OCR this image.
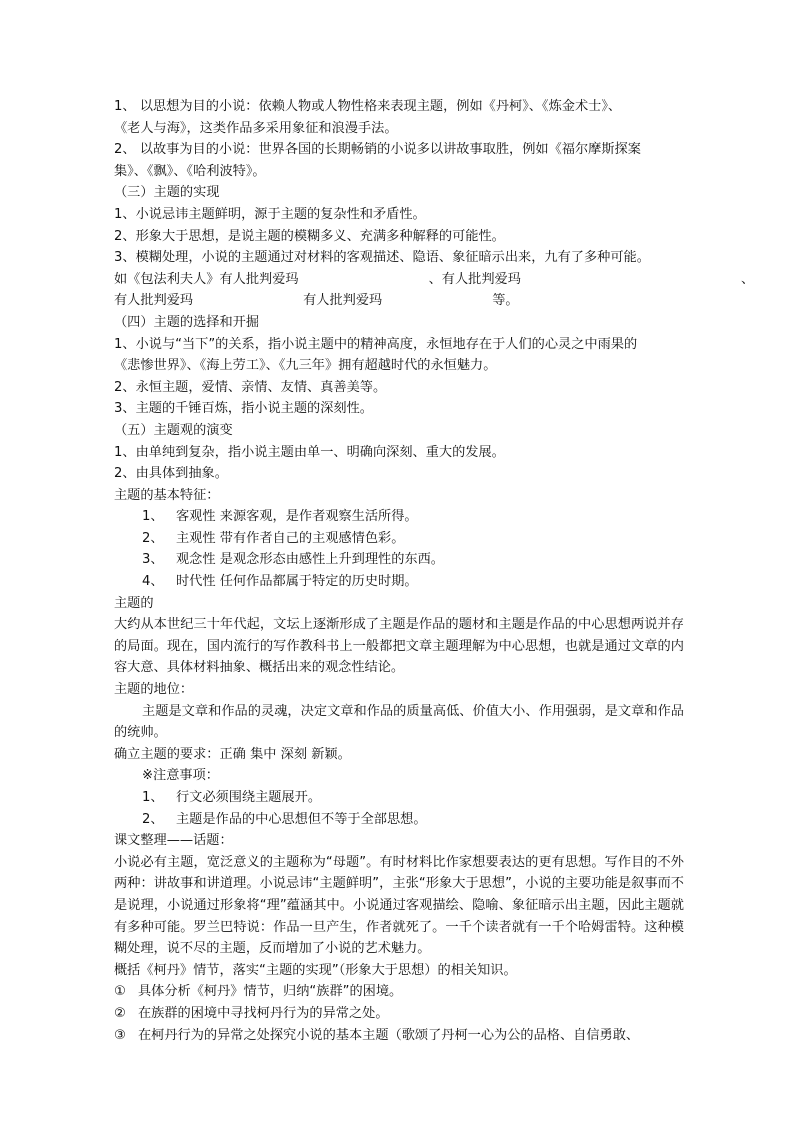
1、 以思想为目的小说：依赖人物或人物性格来表现主题，例如《丹柯》、《炼金术士》、
《老人与海》，这类作品多采用象征和浪漫手法。
2、 以故事为目的小说：世界各国的长期畅销的小说多以讲故事取胜，例如《福尔摩斯探案
集》、《飘》、《哈利波特》。
（三）主题的实现
1、小说忌讳主题鲜明，源于主题的复杂性和矛盾性。
2、形象大于思想，是说主题的模糊多义、充满多种解释的可能性。
3、模糊处理，小说的主题通过对材料的客观描述、隐语、象征暗示出来，九有了多种可能。
如《包法利夫人》有人批判爱玛	、有人批判爱玛	、
有人批判爱玛	有人批判爱玛	等。
（四）主题的选择和开掘
1、小说与“当下”的关系，指小说主题中的精神高度，永恒地存在于人们的心灵之中雨果的
《悲惨世界》、《海上劳工》、《九三年》拥有超越时代的永恒魅力。
2、永恒主题，爱情、亲情、友情、真善美等。
3、主题的千锤百炼，指小说主题的深刻性。
（五）主题观的演变
1、由单纯到复杂，指小说主题由单一、明确向深刻、重大的发展。
2、由具体到抽象。
主题的基本特征：
1、 客观性 来源客观，是作者观察生活所得。
2、 主观性 带有作者自己的主观感情色彩。
3、 观念性 是观念形态由感性上升到理性的东西。
4、 时代性 任何作品都属于特定的历史时期。
主题的
大约从本世纪三十年代起，文坛上逐渐形成了主题是作品的题材和主题是作品的中心思想两说并存的局面。现在，国内流行的写作教科书上一般都把文章主题理解为中心思想，也就是通过文章的内容大意、具体材料抽象、概括出来的观念性结论。
主题的地位：
主题是文章和作品的灵魂，决定文章和作品的质量高低、价值大小、作用强弱，是文章和作品的统帅。
确立主题的要求：正确 集中 深刻 新颖。
※注意事项：
1、 行文必须围绕主题展开。
2、 主题是作品的中心思想但不等于全部思想。
课文整理——话题：
小说必有主题，宽泛意义的主题称为“母题”。有时材料比作家想要表达的更有思想。写作目的不外两种：讲故事和讲道理。小说忌讳“主题鲜明”，主张“形象大于思想”，小说的主要功能是叙事而不是说理，小说通过形象将“理”蕴涵其中。小说通过客观描绘、隐喻、象征暗示出主题，因此主题就有多种可能。罗兰巴特说：作品一旦产生，作者就死了。一千个读者就有一千个哈姆雷特。这种模糊处理，说不尽的主题，反而增加了小说的艺术魅力。
概括《柯丹》情节，落实“主题的实现”（形象大于思想）的相关知识。
① 具体分析《柯丹》情节，归纳“族群”的困境。
② 在族群的困境中寻找柯丹行为的异常之处。
③ 在柯丹行为的异常之处探究小说的基本主题（歌颂了丹柯一心为公的品格、自信勇敢、
